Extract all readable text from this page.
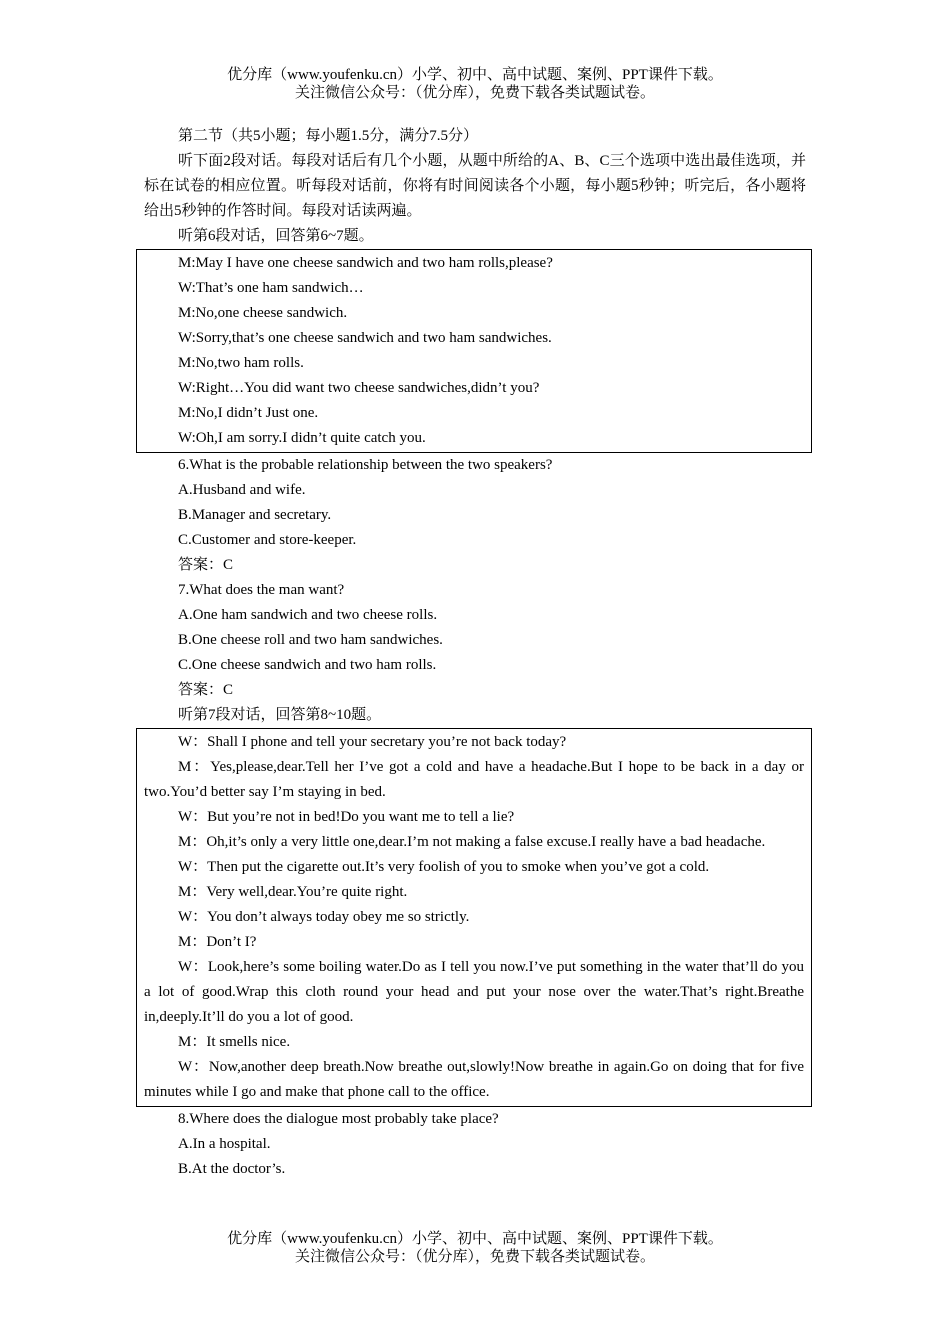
优分库（www.youfenku.cn）小学、初中、高中试题、案例、PPT课件下载。
关注微信公众号：（优分库），免费下载各类试题试卷。

第二节（共5小题；每小题1.5分，满分7.5分）

听下面2段对话。每段对话后有几个小题，从题中所给的A、B、C三个选项中选出最佳选项，并标在试卷的相应位置。听每段对话前，你将有时间阅读各个小题，每小题5秒钟；听完后，各小题将给出5秒钟的作答时间。每段对话读两遍。

听第6段对话，回答第6~7题。

M:May I have one cheese sandwich and two ham rolls,please?

W:That’s one ham sandwich…

M:No,one cheese sandwich.

W:Sorry,that’s one cheese sandwich and two ham sandwiches.

M:No,two ham rolls.

W:Right…You did want two cheese sandwiches,didn’t you?

M:No,I didn’t Just one.

W:Oh,I am sorry.I didn’t quite catch you.

6.What is the probable relationship between the two speakers?

A.Husband and wife.

B.Manager and secretary.

C.Customer and store-keeper.

答案：C

7.What does the man want?

A.One ham sandwich and two cheese rolls.

B.One cheese roll and two ham sandwiches.

C.One cheese sandwich and two ham rolls.

答案：C

听第7段对话，回答第8~10题。

W：Shall I phone and tell your secretary you’re not back today?

M：Yes,please,dear.Tell her I’ve got a cold and have a headache.But I hope to be back in a day or two.You’d better say I’m staying in bed.

W：But you’re not in bed!Do you want me to tell a lie?

M：Oh,it’s only a very little one,dear.I’m not making a false excuse.I really have a bad headache.

W：Then put the cigarette out.It’s very foolish of you to smoke when you’ve got a cold.

M：Very well,dear.You’re quite right.

W：You don’t always today obey me so strictly.

M：Don’t I?

W：Look,here’s some boiling water.Do as I tell you now.I’ve put something in the water that’ll do you a lot of good.Wrap this cloth round your head and put your nose over the water.That’s right.Breathe in,deeply.It’ll do you a lot of good.

M：It smells nice.

W：Now,another deep breath.Now breathe out,slowly!Now breathe in again.Go on doing that for five minutes while I go and make that phone call to the office.

8.Where does the dialogue most probably take place?

A.In a hospital.

B.At the doctor’s.

优分库（www.youfenku.cn）小学、初中、高中试题、案例、PPT课件下载。
关注微信公众号：（优分库），免费下载各类试题试卷。
